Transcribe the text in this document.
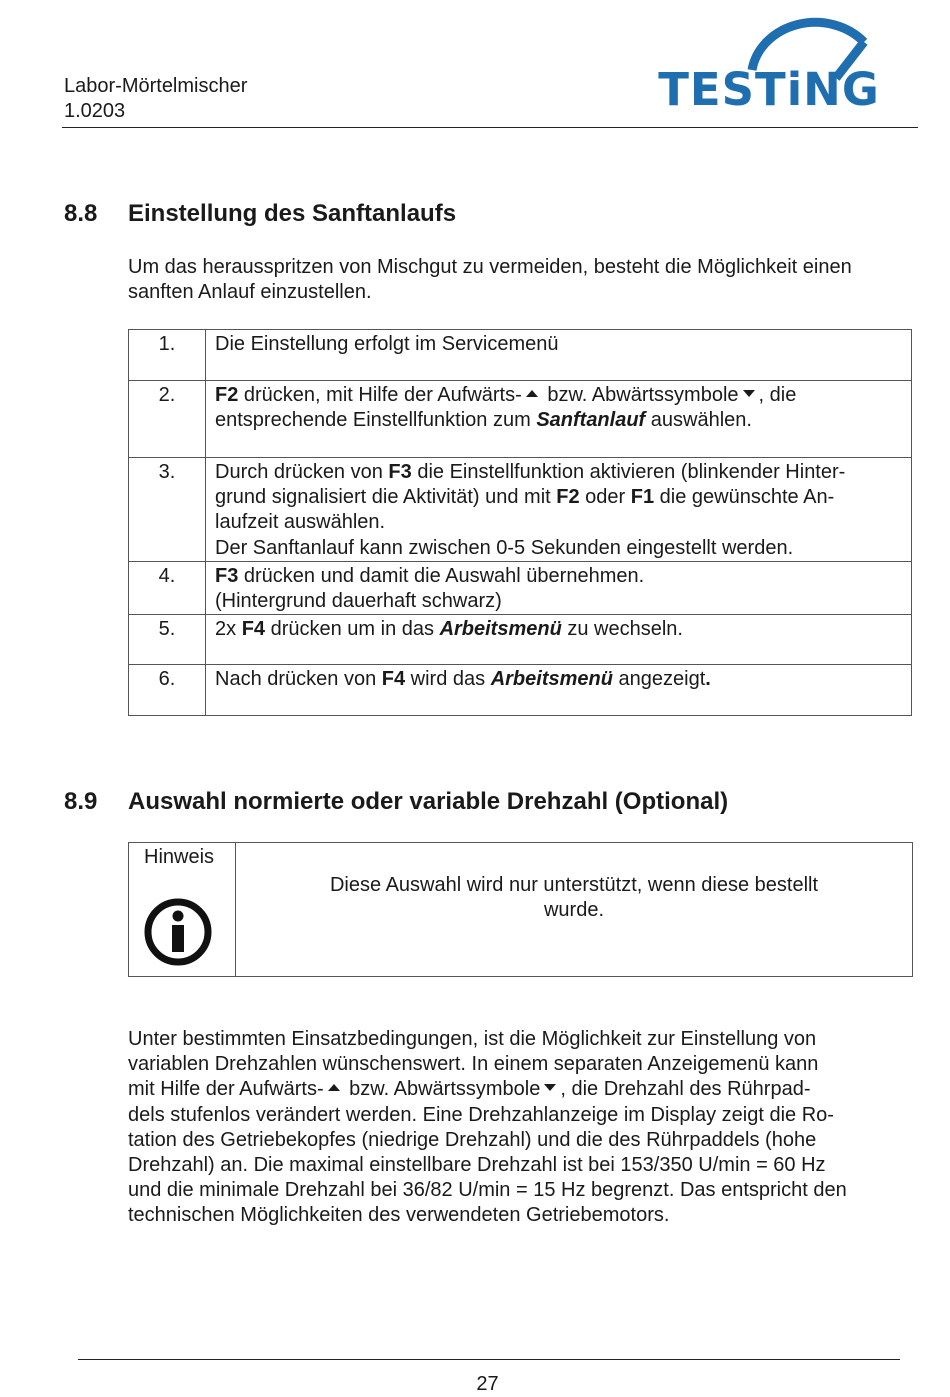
Labor-Mörtelmischer
1.0203	TESTiNG
8.8 Einstellung des Sanftanlaufs
Um das herausspritzen von Mischgut zu vermeiden, besteht die Möglichkeit einen
sanften Anlauf einzustellen.
1.	Die Einstellung erfolgt im Servicemenü
2.	F2 drücken, mit Hilfe der Aufwärts- bzw. Abwärtssymbole , die
entsprechende Einstellfunktion zum Sanftanlauf auswählen.
3.	Durch drücken von F3 die Einstellfunktion aktivieren (blinkender Hinter-
grund signalisiert die Aktivität) und mit F2 oder F1 die gewünschte An-
laufzeit auswählen.
Der Sanftanlauf kann zwischen 0-5 Sekunden eingestellt werden.
4.	F3 drücken und damit die Auswahl übernehmen.
(Hintergrund dauerhaft schwarz)
5.	2x F4 drücken um in das Arbeitsmenü zu wechseln.
6.	Nach drücken von F4 wird das Arbeitsmenü angezeigt.
8.9 Auswahl normierte oder variable Drehzahl (Optional)
Hinweis
Diese Auswahl wird nur unterstützt, wenn diese bestellt
wurde.
Unter bestimmten Einsatzbedingungen, ist die Möglichkeit zur Einstellung von
variablen Drehzahlen wünschenswert. In einem separaten Anzeigemenü kann
mit Hilfe der Aufwärts- bzw. Abwärtssymbole , die Drehzahl des Rührpad-
dels stufenlos verändert werden. Eine Drehzahlanzeige im Display zeigt die Ro-
tation des Getriebekopfes (niedrige Drehzahl) und die des Rührpaddels (hohe
Drehzahl) an. Die maximal einstellbare Drehzahl ist bei 153/350 U/min = 60 Hz
und die minimale Drehzahl bei 36/82 U/min = 15 Hz begrenzt. Das entspricht den
technischen Möglichkeiten des verwendeten Getriebemotors.
27
